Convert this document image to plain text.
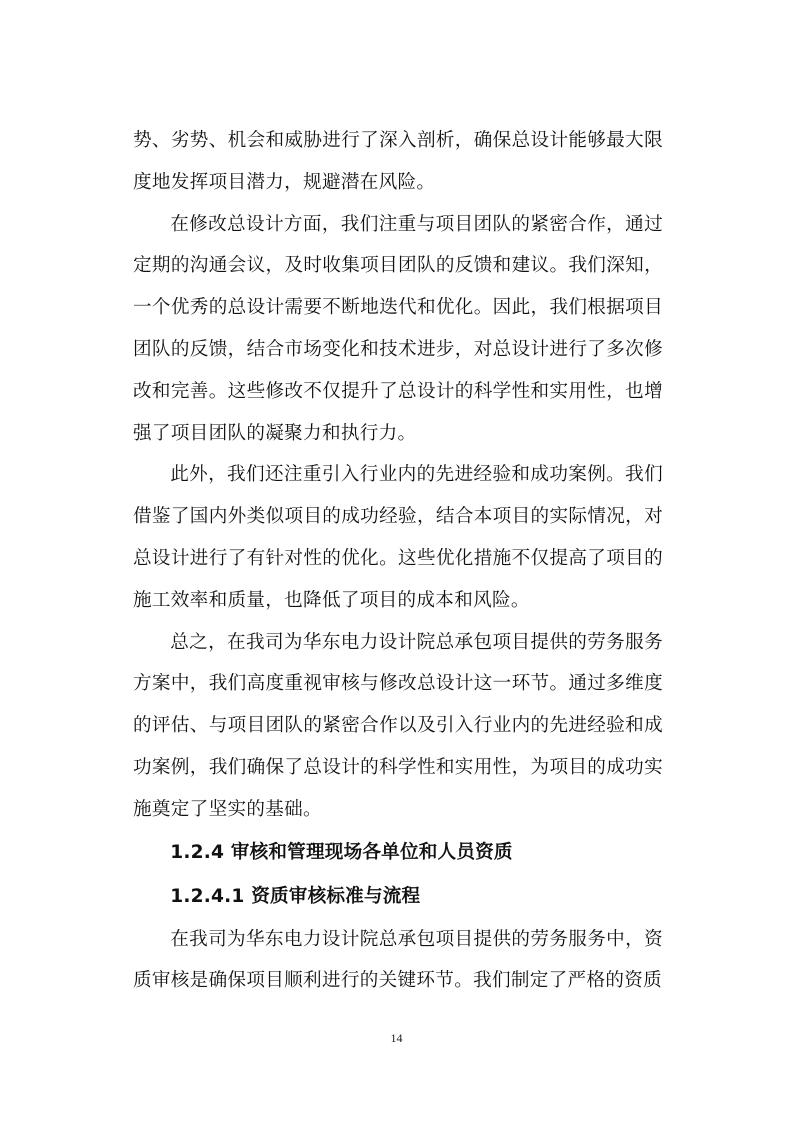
势、劣势、机会和威胁进行了深入剖析，确保总设计能够最大限度地发挥项目潜力，规避潜在风险。

在修改总设计方面，我们注重与项目团队的紧密合作，通过定期的沟通会议，及时收集项目团队的反馈和建议。我们深知，一个优秀的总设计需要不断地迭代和优化。因此，我们根据项目团队的反馈，结合市场变化和技术进步，对总设计进行了多次修改和完善。这些修改不仅提升了总设计的科学性和实用性，也增强了项目团队的凝聚力和执行力。

此外，我们还注重引入行业内的先进经验和成功案例。我们借鉴了国内外类似项目的成功经验，结合本项目的实际情况，对总设计进行了有针对性的优化。这些优化措施不仅提高了项目的施工效率和质量，也降低了项目的成本和风险。

总之，在我司为华东电力设计院总承包项目提供的劳务服务方案中，我们高度重视审核与修改总设计这一环节。通过多维度的评估、与项目团队的紧密合作以及引入行业内的先进经验和成功案例，我们确保了总设计的科学性和实用性，为项目的成功实施奠定了坚实的基础。

1.2.4 审核和管理现场各单位和人员资质
1.2.4.1 资质审核标准与流程

在我司为华东电力设计院总承包项目提供的劳务服务中，资质审核是确保项目顺利进行的关键环节。我们制定了严格的资质

14
